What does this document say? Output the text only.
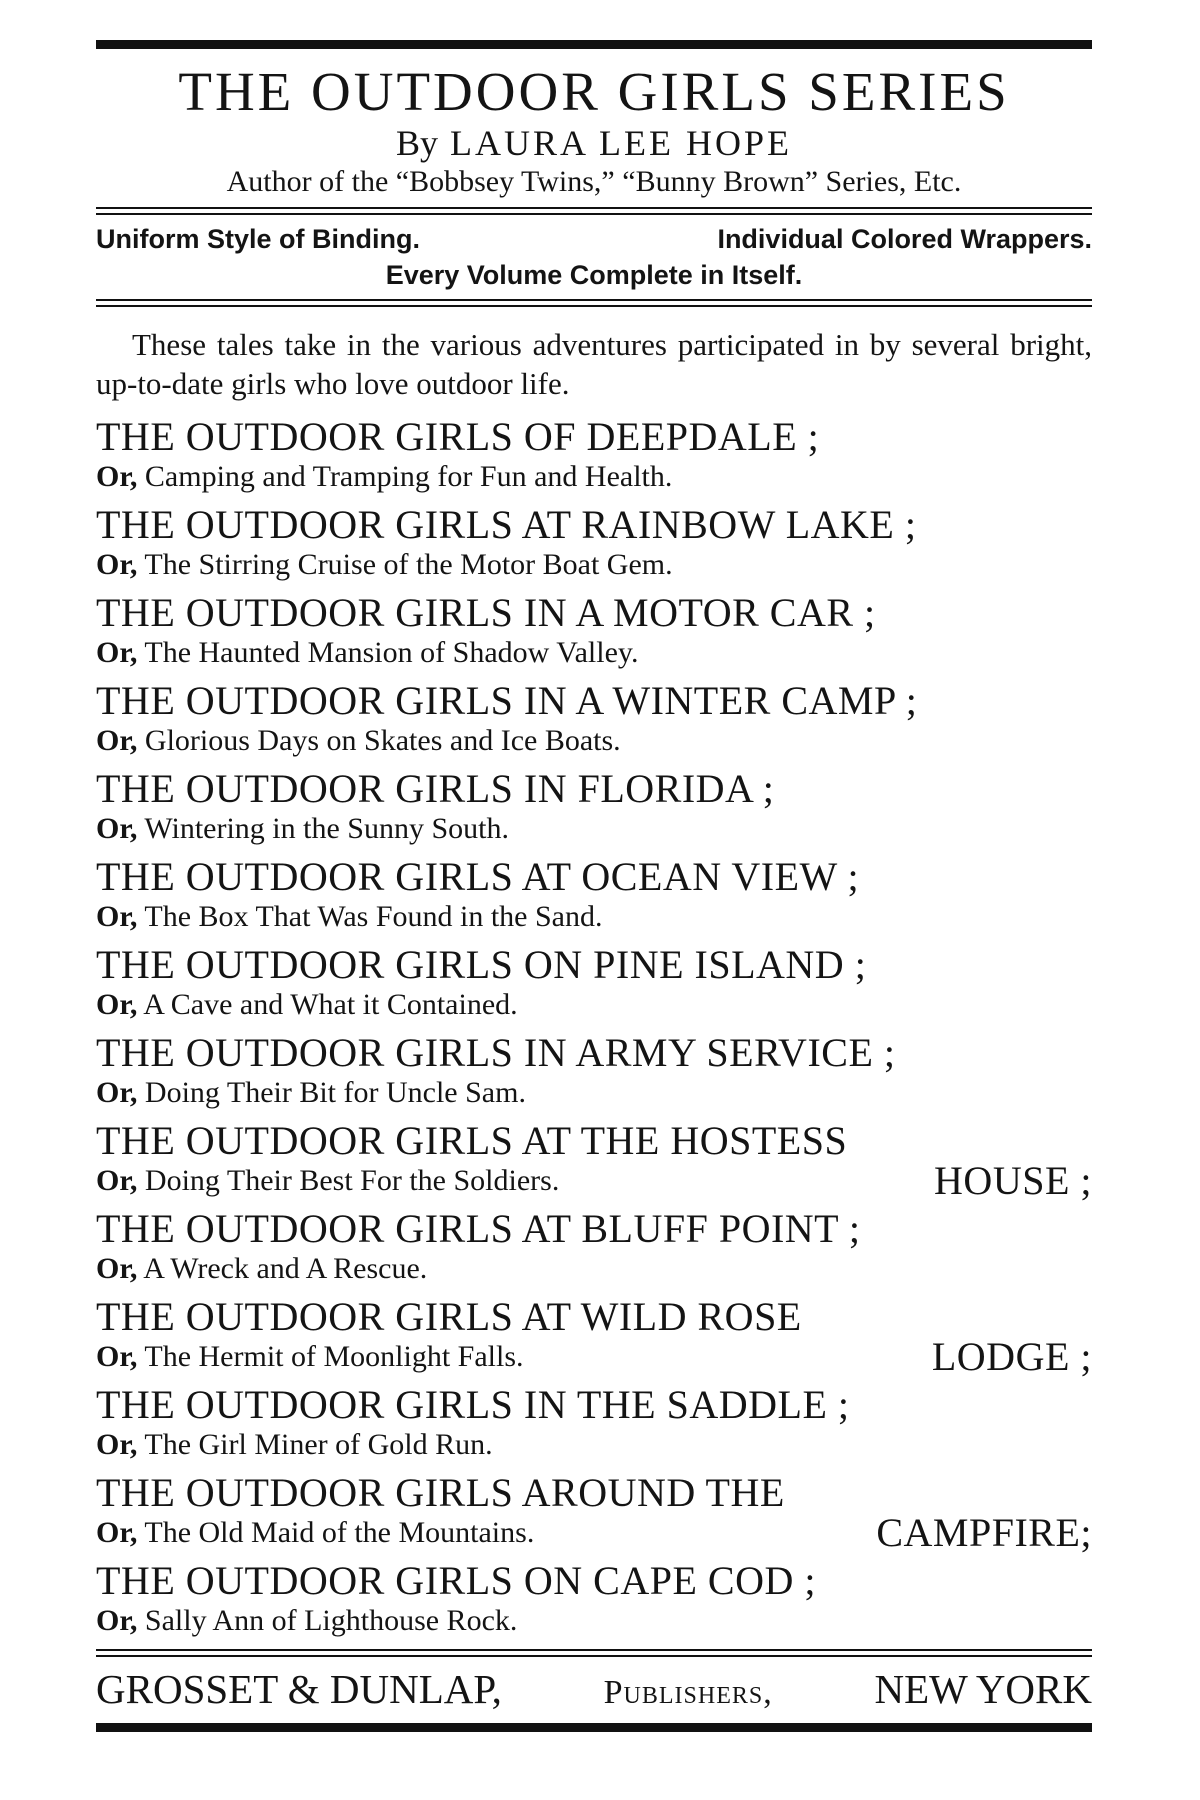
THE OUTDOOR GIRLS SERIES
By LAURA LEE HOPE
Author of the “Bobbsey Twins,” “Bunny Brown” Series, Etc.
Uniform Style of Binding.	Individual Colored Wrappers.
Every Volume Complete in Itself.
These tales take in the various adventures participated in by several bright, up-to-date girls who love outdoor life.
THE OUTDOOR GIRLS OF DEEPDALE ;
Or, Camping and Tramping for Fun and Health.
THE OUTDOOR GIRLS AT RAINBOW LAKE ;
Or, The Stirring Cruise of the Motor Boat Gem.
THE OUTDOOR GIRLS IN A MOTOR CAR ;
Or, The Haunted Mansion of Shadow Valley.
THE OUTDOOR GIRLS IN A WINTER CAMP ;
Or, Glorious Days on Skates and Ice Boats.
THE OUTDOOR GIRLS IN FLORIDA ;
Or, Wintering in the Sunny South.
THE OUTDOOR GIRLS AT OCEAN VIEW ;
Or, The Box That Was Found in the Sand.
THE OUTDOOR GIRLS ON PINE ISLAND ;
Or, A Cave and What it Contained.
THE OUTDOOR GIRLS IN ARMY SERVICE ;
Or, Doing Their Bit for Uncle Sam.
THE OUTDOOR GIRLS AT THE HOSTESS
Or, Doing Their Best For the Soldiers.	HOUSE ;
THE OUTDOOR GIRLS AT BLUFF POINT ;
Or, A Wreck and A Rescue.
THE OUTDOOR GIRLS AT WILD ROSE
Or, The Hermit of Moonlight Falls.	LODGE ;
THE OUTDOOR GIRLS IN THE SADDLE ;
Or, The Girl Miner of Gold Run.
THE OUTDOOR GIRLS AROUND THE
Or, The Old Maid of the Mountains.	CAMPFIRE;
THE OUTDOOR GIRLS ON CAPE COD ;
Or, Sally Ann of Lighthouse Rock.
GROSSET & DUNLAP,	Publishers, NEW YORK
